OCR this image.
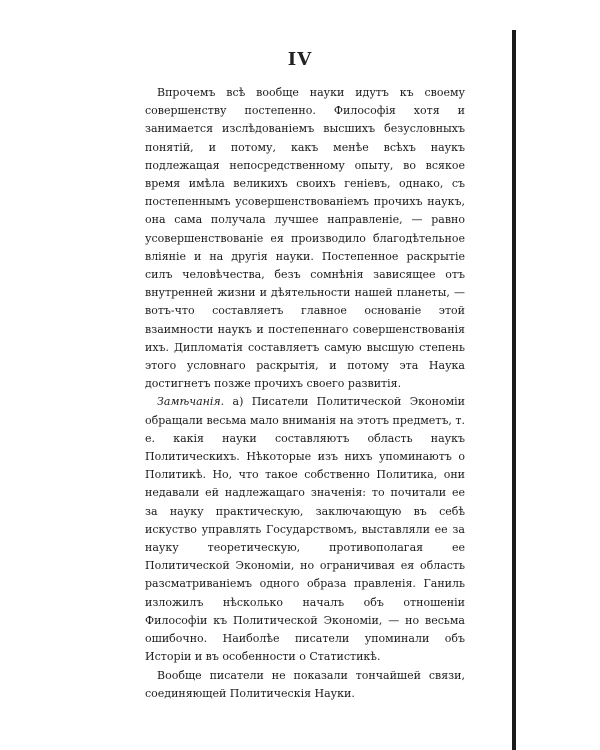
IV

Впрочемъ всѣ вообще науки идутъ къ своему совершенству постепенно. Философія хотя и занимается изслѣдованіемъ высшихъ безусловныхъ понятій, и потому, какъ менѣе всѣхъ наукъ подлежащая непосредственному опыту, во всякое время имѣла великихъ своихъ геніевъ, однако, съ постепеннымъ усовершенствованіемъ прочихъ наукъ, она сама получала лучшее направленіе, — равно усовершенствованіе ея производило благодѣтельное вліяніе и на другія науки. Постепенное раскрытіе силъ человѣчества, безъ сомнѣнія зависящее отъ внутренней жизни и дѣятельности нашей планеты, — вотъ-что составляетъ главное основаніе этой взаимности наукъ и постепеннаго совершенствованія ихъ. Дипломатія составляетъ самую высшую степень этого условнаго раскрытія, и потому эта Наука достигнетъ позже прочихъ своего развитія.

Замѣчанія. а) Писатели Политической Экономіи обращали весьма мало вниманія на этотъ предметъ, т. е. какія науки составляютъ область наукъ Политическихъ. Нѣкоторые изъ нихъ упоминаютъ о Политикѣ. Но, что такое собственно Политика, они недавали ей надлежащаго значенія: то почитали ее за науку практическую, заключающую въ себѣ искуство управлять Государствомъ, выставляли ее за науку теоретическую, противополагая ее Политической Экономіи, но ограничивая ея область разсматриваніемъ одного образа правленія. Ганиль изложилъ нѣсколько началъ объ отношеніи Философіи къ Политической Экономіи, — но весьма ошибочно. Наиболѣе писатели упоминали объ Исторіи и въ особенности о Статистикѣ.

Вообще писатели не показали тончайшей связи, соединяющей Политическія Науки.
